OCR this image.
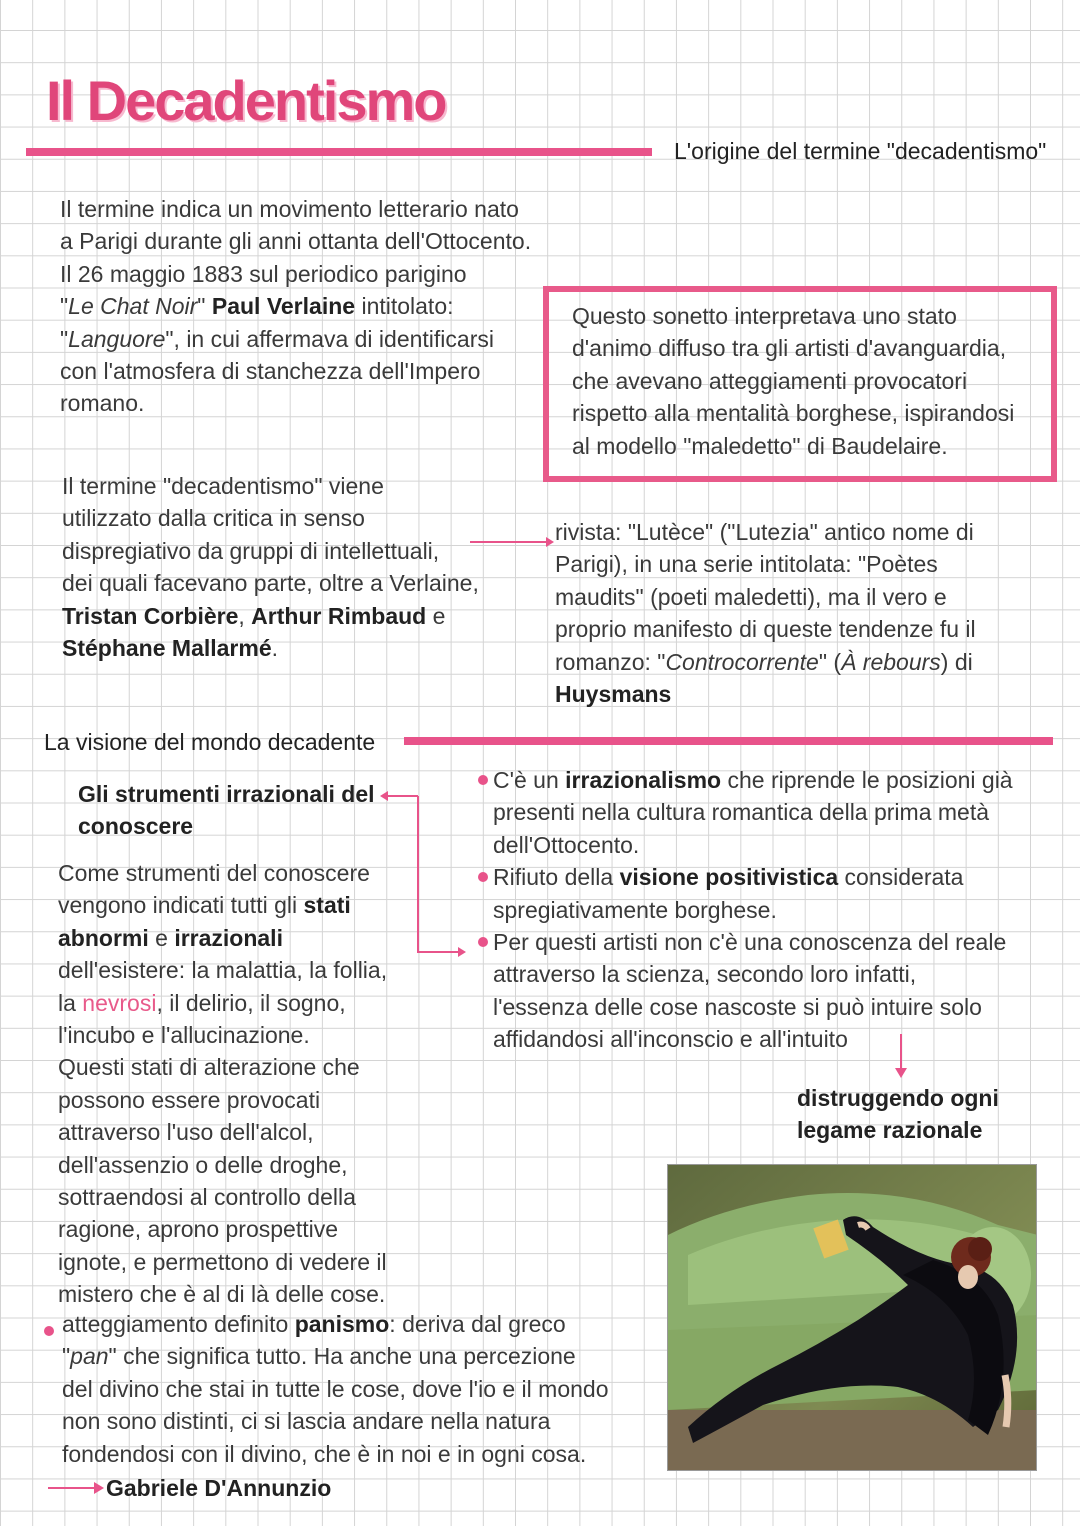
Il Decadentismo
L'origine del termine "decadentismo"
Il termine indica un movimento letterario nato
a Parigi durante gli anni ottanta dell'Ottocento.
Il 26 maggio 1883 sul periodico parigino
"Le Chat Noir" Paul Verlaine intitolato:
"Languore", in cui affermava di identificarsi
con l'atmosfera di stanchezza dell'Impero
romano.
Questo sonetto interpretava uno stato
d'animo diffuso tra gli artisti d'avanguardia,
che avevano atteggiamenti provocatori
rispetto alla mentalità borghese, ispirandosi
al modello "maledetto" di Baudelaire.
Il termine "decadentismo" viene
utilizzato dalla critica in senso
dispregiativo da gruppi di intellettuali,
dei quali facevano parte, oltre a Verlaine,
Tristan Corbière, Arthur Rimbaud e
Stéphane Mallarmé.
rivista: "Lutèce" ("Lutezia" antico nome di
Parigi), in una serie intitolata: "Poètes
maudits" (poeti maledetti), ma il vero e
proprio manifesto di queste tendenze fu il
romanzo: "Controcorrente" (À rebours) di
Huysmans
La visione del mondo decadente
Gli strumenti irrazionali del
conoscere
Come strumenti del conoscere
vengono indicati tutti gli stati
abnormi e irrazionali
dell'esistere: la malattia, la follia,
la nevrosi, il delirio, il sogno,
l'incubo e l'allucinazione.
Questi stati di alterazione che
possono essere provocati
attraverso l'uso dell'alcol,
dell'assenzio o delle droghe,
sottraendosi al controllo della
ragione, aprono prospettive
ignote, e permettono di vedere il
mistero che è al di là delle cose.
C'è un irrazionalismo che riprende le posizioni già
presenti nella cultura romantica della prima metà
dell'Ottocento.
Rifiuto della visione positivistica considerata
spregiativamente borghese.
Per questi artisti non c'è una conoscenza del reale
attraverso la scienza, secondo loro infatti,
l'essenza delle cose nascoste si può intuire solo
affidandosi all'inconscio e all'intuito
distruggendo ogni
legame razionale
atteggiamento definito panismo: deriva dal greco
"pan" che significa tutto. Ha anche una percezione
del divino che stai in tutte le cose, dove l'io e il mondo
non sono distinti, ci si lascia andare nella natura
fondendosi con il divino, che è in noi e in ogni cosa.
Gabriele D'Annunzio
